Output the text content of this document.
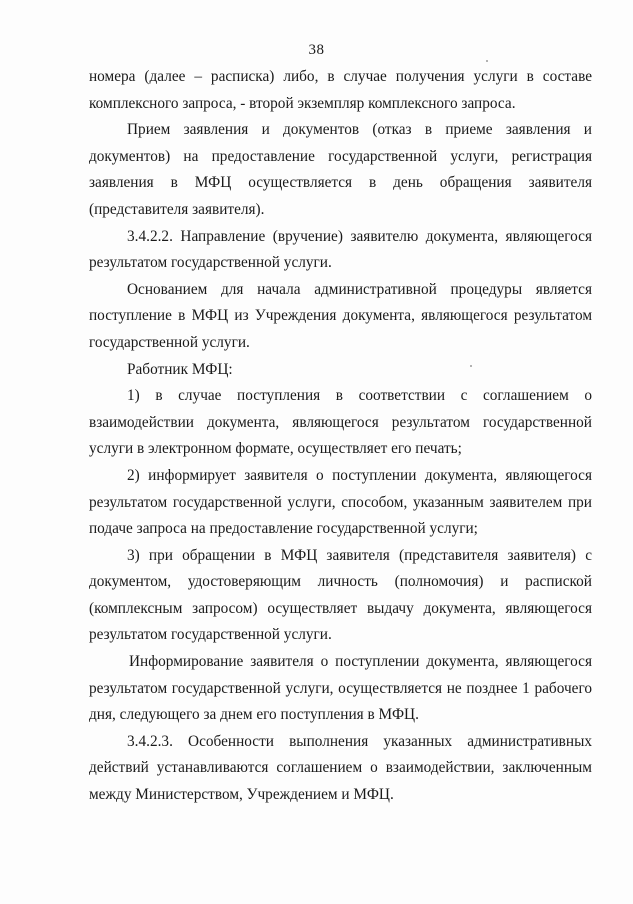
38

номера (далее – расписка) либо, в случае получения услуги в составе комплексного запроса, - второй экземпляр комплексного запроса.

Прием заявления и документов (отказ в приеме заявления и документов) на предоставление государственной услуги, регистрация заявления в МФЦ осуществляется в день обращения заявителя (представителя заявителя).

3.4.2.2. Направление (вручение) заявителю документа, являющегося результатом государственной услуги.

Основанием для начала административной процедуры является поступление в МФЦ из Учреждения документа, являющегося результатом государственной услуги.

Работник МФЦ:

1) в случае поступления в соответствии с соглашением о взаимодействии документа, являющегося результатом государственной услуги в электронном формате, осуществляет его печать;

2) информирует заявителя о поступлении документа, являющегося результатом государственной услуги, способом, указанным заявителем при подаче запроса на предоставление государственной услуги;

3) при обращении в МФЦ заявителя (представителя заявителя) с документом, удостоверяющим личность (полномочия) и распиской (комплексным запросом) осуществляет выдачу документа, являющегося результатом государственной услуги.

Информирование заявителя о поступлении документа, являющегося результатом государственной услуги, осуществляется не позднее 1 рабочего дня, следующего за днем его поступления в МФЦ.

3.4.2.3. Особенности выполнения указанных административных действий устанавливаются соглашением о взаимодействии, заключенным между Министерством, Учреждением и МФЦ.
